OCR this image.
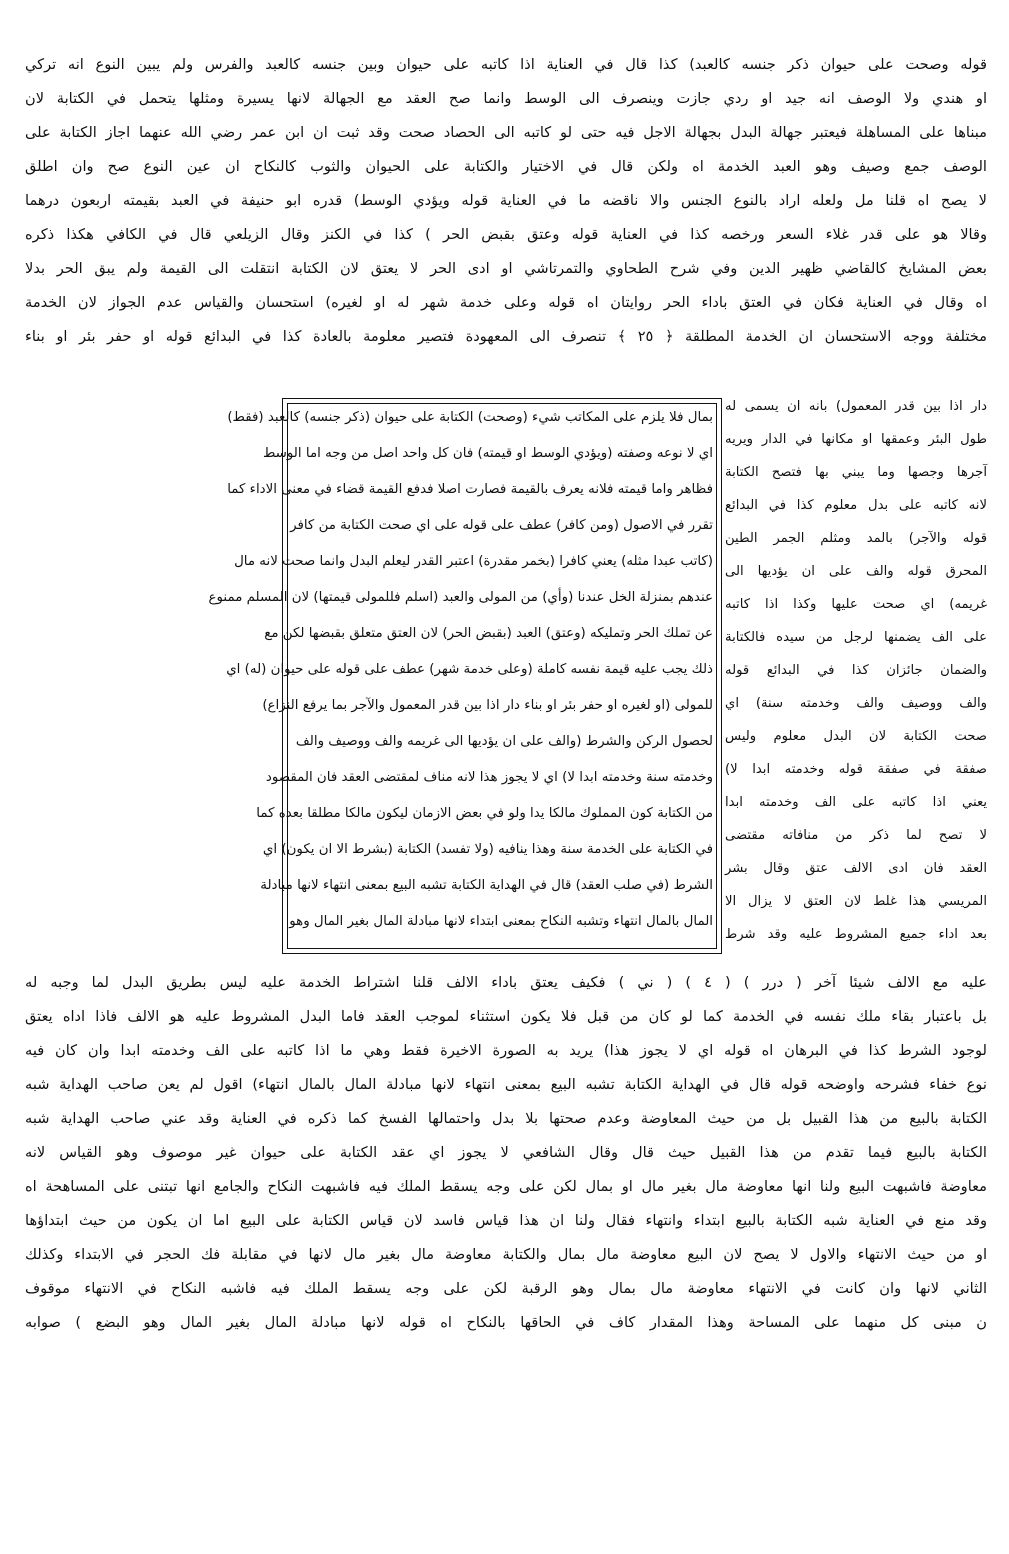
قوله وصحت على حيوان ذكر جنسه كالعبد) كذا قال في العناية اذا كاتبه على حيوان وبين جنسه كالعبد والفرس ولم يبين النوع انه تركي
او هندي ولا الوصف انه جيد او ردي جازت وينصرف الى الوسط وانما صح العقد مع الجهالة لانها يسيرة ومثلها يتحمل في الكتابة لان
مبناها على المساهلة فيعتبر جهالة البدل بجهالة الاجل فيه حتى لو كاتبه الى الحصاد صحت وقد ثبت ان ابن عمر رضي الله عنهما اجاز الكتابة على
الوصف جمع وصيف وهو العبد الخدمة اه ولكن قال في الاختيار والكتابة على الحيوان والثوب كالنكاح ان عين النوع صح وان اطلق
لا يصح اه قلنا مل ولعله اراد بالنوع الجنس والا ناقضه ما في العناية قوله ويؤدي الوسط) قدره ابو حنيفة في العبد بقيمته اربعون درهما
وقالا هو على قدر غلاء السعر ورخصه كذا في العناية قوله وعتق بقبض الحر ) كذا في الكنز وقال الزيلعي قال في الكافي هكذا ذكره
بعض المشايخ كالقاضي ظهير الدين وفي شرح الطحاوي والتمرتاشي او ادى الحر لا يعتق لان الكتابة انتقلت الى القيمة ولم يبق الحر بدلا
اه وقال في العناية فكان في العتق باداء الحر روايتان اه قوله وعلى خدمة شهر له او لغيره) استحسان والقياس عدم الجواز لان الخدمة
مختلفة ووجه الاستحسان ان الخدمة المطلقة ﴿ ٢٥ ﴾ تنصرف الى المعهودة فتصير معلومة بالعادة كذا في البدائع قوله او حفر بئر او بناء
دار اذا بين قدر المعمول) بانه ان يسمى له
طول البئر وعمقها او مكانها في الدار ويريه
آجرها وجصها وما يبني بها فتصح الكتابة
لانه كاتبه على بدل معلوم كذا في البدائع
قوله والآجر) بالمد ومثلم الجمر الطين
المحرق قوله والف على ان يؤديها الى
غريمه) اي صحت عليها وكذا اذا كاتبه
على الف يضمنها لرجل من سيده فالكتابة
والضمان جائزان كذا في البدائع قوله
والف ووصيف والف وخدمته سنة) اي
صحت الكتابة لان البدل معلوم وليس
صفقة في صفقة قوله وخدمته ابدا لا)
يعني اذا كاتبه على الف وخدمته ابدا
لا تصح لما ذكر من منافاته مقتضى
العقد فان ادى الالف عتق وقال بشر
المريسي هذا غلط لان العتق لا يزال الا
بعد اداء جميع المشروط عليه وقد شرط
بمال فلا يلزم على المكاتب شيء (وصحت) الكتابة على حيوان (ذكر جنسه) كالعبد (فقط)
اي لا نوعه وصفته (ويؤدي الوسط او قيمته) فان كل واحد اصل من وجه اما الوسط
فظاهر واما قيمته فلانه يعرف بالقيمة فصارت اصلا فدفع القيمة قضاء في معنى الاداء كما
تقرر في الاصول (ومن كافر) عطف على قوله على اي صحت الكتابة من كافر
(كاتب عبدا مثله) يعني كافرا (بخمر مقدرة) اعتبر القدر ليعلم البدل وانما صحت لانه مال
عندهم بمنزلة الخل عندنا (وأي) من المولى والعبد (اسلم فللمولى قيمتها) لان المسلم ممنوع
عن تملك الحر وتمليكه (وعتق) العبد (بقبض الحر) لان العتق متعلق بقبضها لكن مع
ذلك يجب عليه قيمة نفسه كاملة (وعلى خدمة شهر) عطف على قوله على حيوان (له) اي
للمولى (او لغيره او حفر بئر او بناء دار اذا بين قدر المعمول والآجر بما يرفع النزاع)
لحصول الركن والشرط (والف على ان يؤديها الى غريمه والف ووصيف والف
وخدمته سنة وخدمته ابدا لا) اي لا يجوز هذا لانه مناف لمقتضى العقد فان المقصود
من الكتابة كون المملوك مالكا يدا ولو في بعض الازمان ليكون مالكا مطلقا بعده كما
في الكتابة على الخدمة سنة وهذا ينافيه (ولا تفسد) الكتابة (بشرط الا ان يكون) اي
الشرط (في صلب العقد) قال في الهداية الكتابة تشبه البيع بمعنى انتهاء لانها مبادلة
المال بالمال انتهاء وتشبه النكاح بمعنى ابتداء لانها مبادلة المال بغير المال وهو
عليه مع الالف شيئا آخر ( درر ) ( ٤ ) ( ني ) فكيف يعتق باداء الالف قلنا اشتراط الخدمة عليه ليس بطريق البدل لما وجبه له
بل باعتبار بقاء ملك نفسه في الخدمة كما لو كان من قبل فلا يكون استثناء لموجب العقد فاما البدل المشروط عليه هو الالف فاذا اداه يعتق
لوجود الشرط كذا في البرهان اه قوله اي لا يجوز هذا) يريد به الصورة الاخيرة فقط وهي ما اذا كاتبه على الف وخدمته ابدا وان كان فيه
نوع خفاء فشرحه واوضحه قوله قال في الهداية الكتابة تشبه البيع بمعنى انتهاء لانها مبادلة المال بالمال انتهاء) اقول لم يعن صاحب الهداية شبه
الكتابة بالبيع من هذا القبيل بل من حيث المعاوضة وعدم صحتها بلا بدل واحتمالها الفسخ كما ذكره في العناية وقد عني صاحب الهداية شبه
الكتابة بالبيع فيما تقدم من هذا القبيل حيث قال وقال الشافعي لا يجوز اي عقد الكتابة على حيوان غير موصوف وهو القياس لانه
معاوضة فاشبهت البيع ولنا انها معاوضة مال بغير مال او بمال لكن على وجه يسقط الملك فيه فاشبهت النكاح والجامع انها تبتنى على المساهحة اه
وقد منع في العناية شبه الكتابة بالبيع ابتداء وانتهاء فقال ولنا ان هذا قياس فاسد لان قياس الكتابة على البيع اما ان يكون من حيث ابتداؤها
او من حيث الانتهاء والاول لا يصح لان البيع معاوضة مال بمال والكتابة معاوضة مال بغير مال لانها في مقابلة فك الحجر في الابتداء وكذلك
الثاني لانها وان كانت في الانتهاء معاوضة مال بمال وهو الرقبة لكن على وجه يسقط الملك فيه فاشبه النكاح في الانتهاء موقوف
ن مبنى كل منهما على المساحة وهذا المقدار كاف في الحاقها بالنكاح اه قوله لانها مبادلة المال بغير المال وهو البضع ) صوابه
